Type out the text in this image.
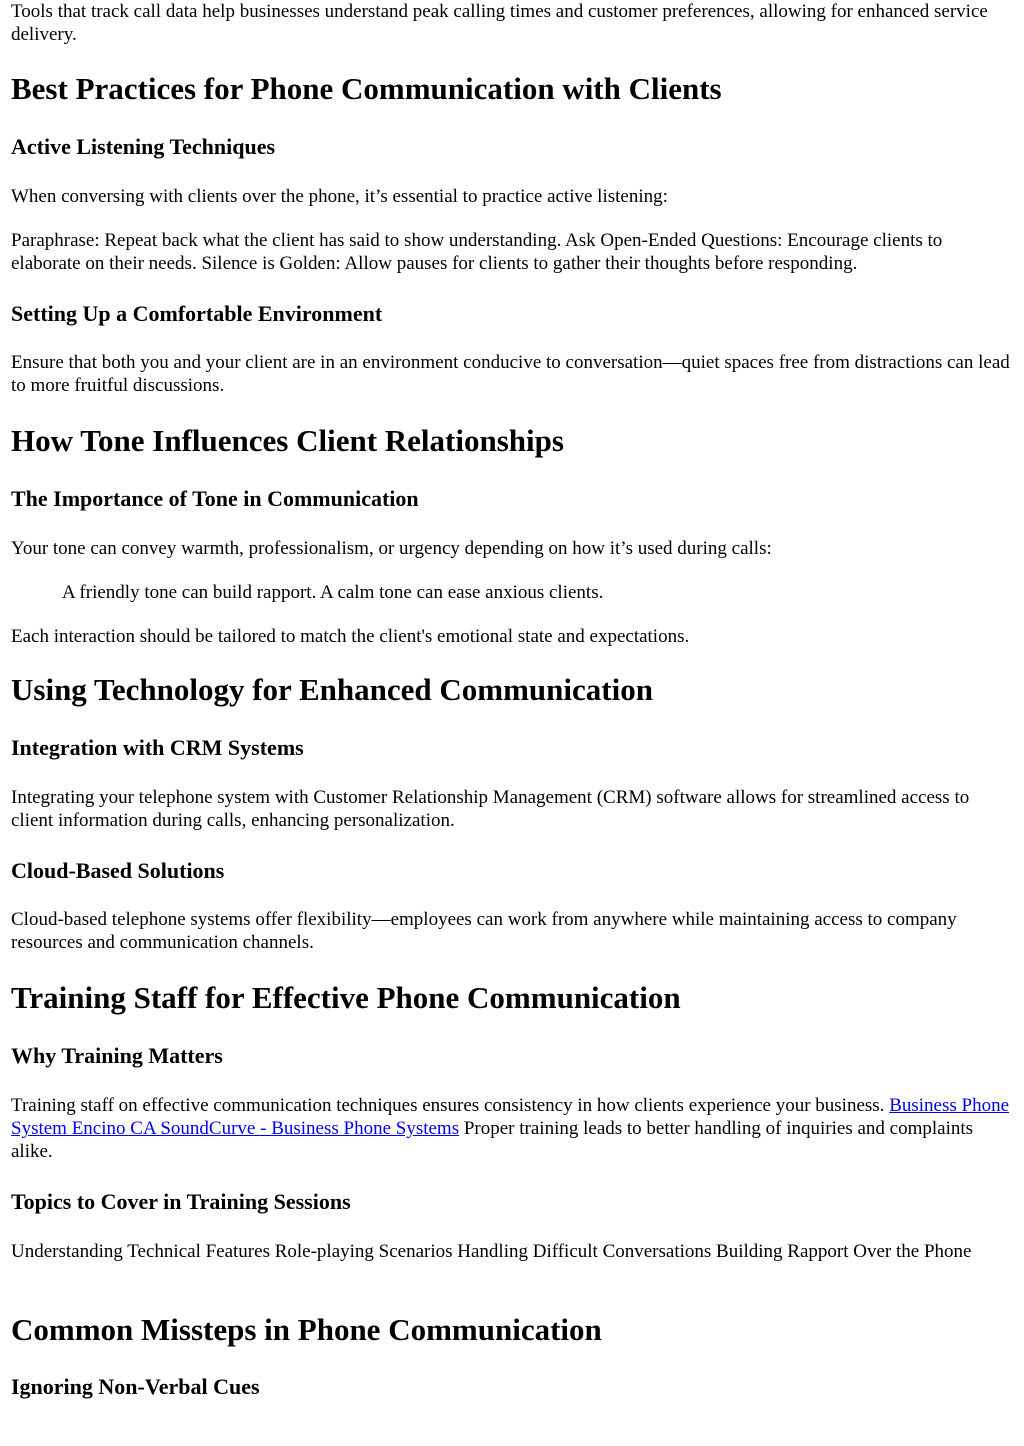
Tools that track call data help businesses understand peak calling times and customer preferences, allowing for enhanced service delivery.

Best Practices for Phone Communication with Clients
Active Listening Techniques

When conversing with clients over the phone, it’s essential to practice active listening:

Paraphrase: Repeat back what the client has said to show understanding. Ask Open-Ended Questions: Encourage clients to elaborate on their needs. Silence is Golden: Allow pauses for clients to gather their thoughts before responding.

Setting Up a Comfortable Environment

Ensure that both you and your client are in an environment conducive to conversation—quiet spaces free from distractions can lead to more fruitful discussions.

How Tone Influences Client Relationships
The Importance of Tone in Communication

Your tone can convey warmth, professionalism, or urgency depending on how it’s used during calls:

A friendly tone can build rapport. A calm tone can ease anxious clients.

Each interaction should be tailored to match the client's emotional state and expectations.

Using Technology for Enhanced Communication
Integration with CRM Systems

Integrating your telephone system with Customer Relationship Management (CRM) software allows for streamlined access to client information during calls, enhancing personalization.

Cloud-Based Solutions

Cloud-based telephone systems offer flexibility—employees can work from anywhere while maintaining access to company resources and communication channels.

Training Staff for Effective Phone Communication
Why Training Matters

Training staff on effective communication techniques ensures consistency in how clients experience your business. Business Phone System Encino CA SoundCurve - Business Phone Systems Proper training leads to better handling of inquiries and complaints alike.

Topics to Cover in Training Sessions

Understanding Technical Features Role-playing Scenarios Handling Difficult Conversations Building Rapport Over the Phone

Common Missteps in Phone Communication
Ignoring Non-Verbal Cues
